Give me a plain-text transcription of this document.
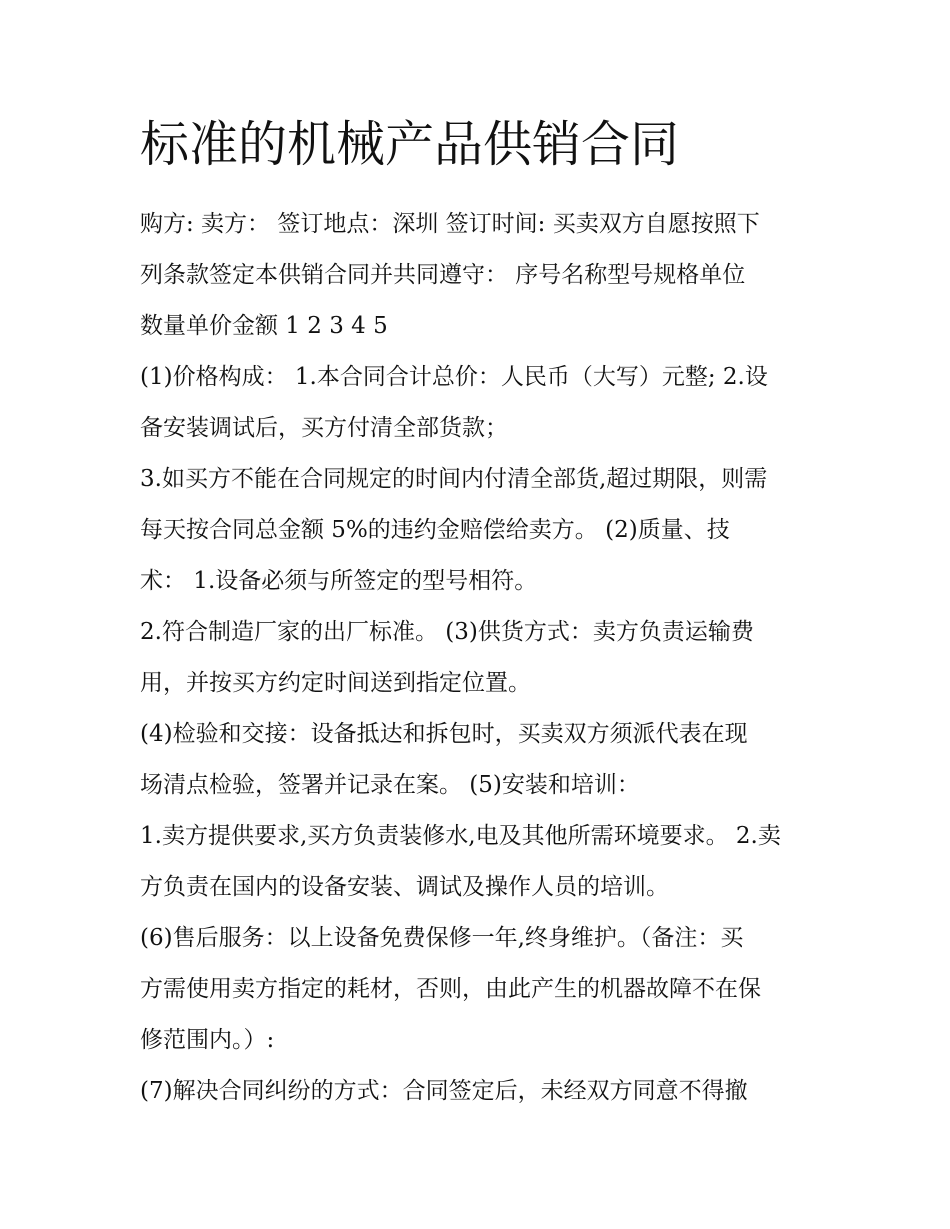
标准的机械产品供销合同

购方: 卖方： 签订地点：深圳 签订时间: 买卖双方自愿按照下

列条款签定本供销合同并共同遵守： 序号名称型号规格单位

数量单价金额 1 2 3 4 5

(1)价格构成： 1.本合同合计总价：人民币（大写）元整; 2.设

备安装调试后，买方付清全部货款；

3.如买方不能在合同规定的时间内付清全部货,超过期限，则需

每天按合同总金额 5%的违约金赔偿给卖方。 (2)质量、技

术： 1.设备必须与所签定的型号相符。

2.符合制造厂家的出厂标准。 (3)供货方式：卖方负责运输费

用，并按买方约定时间送到指定位置。

(4)检验和交接：设备抵达和拆包时，买卖双方须派代表在现

场清点检验，签署并记录在案。 (5)安装和培训：

1.卖方提供要求,买方负责装修水,电及其他所需环境要求。 2.卖

方负责在国内的设备安装、调试及操作人员的培训。

(6)售后服务：以上设备免费保修一年,终身维护。（备注：买

方需使用卖方指定的耗材，否则，由此产生的机器故障不在保

修范围内。）:

(7)解决合同纠纷的方式：合同签定后，未经双方同意不得撤
